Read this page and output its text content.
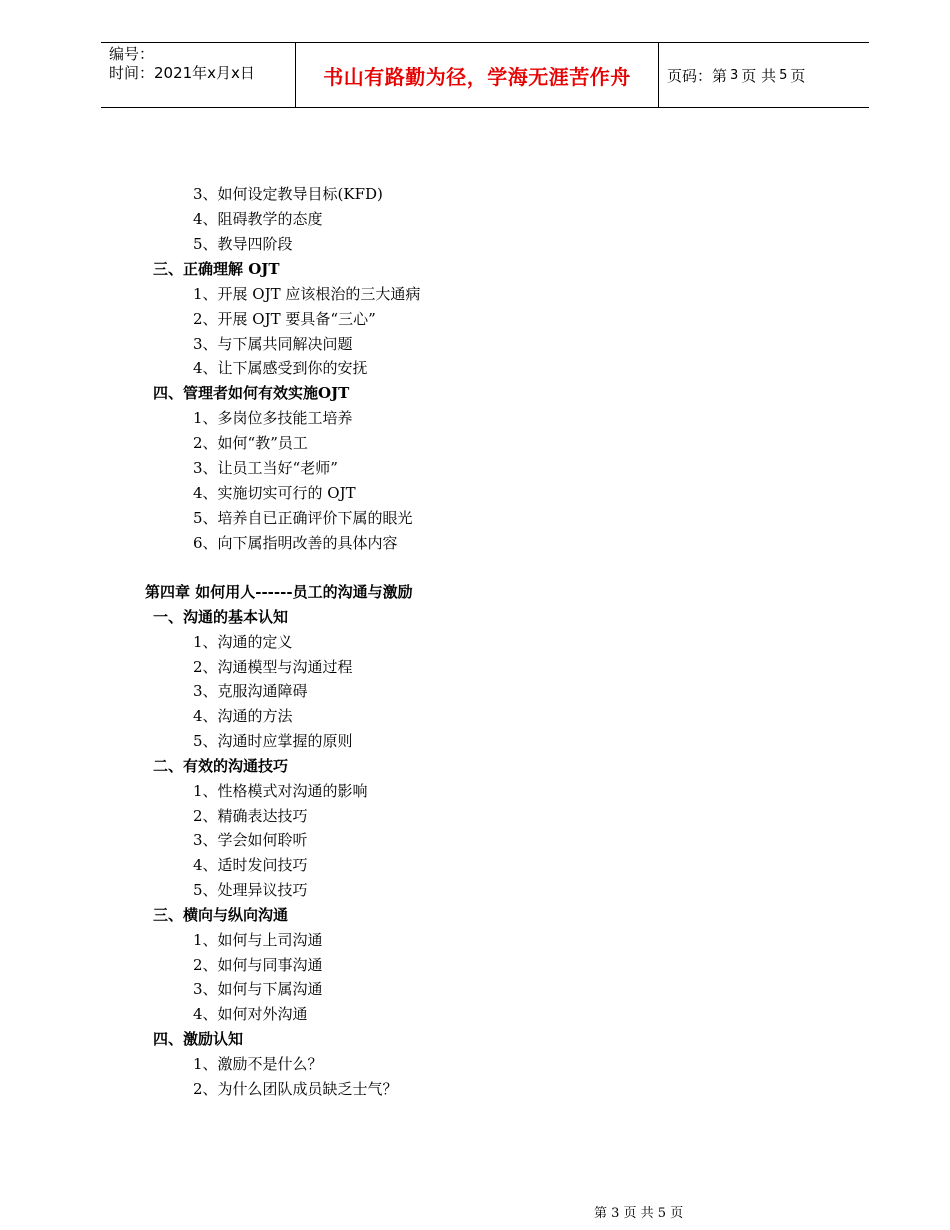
编号：
时间：2021年x月x日	书山有路勤为径，学海无涯苦作舟	页码：第 3 页 共 5 页
3、如何设定教导目标(KFD)
4、阻碍教学的态度
5、教导四阶段
三、正确理解 OJT
1、开展 OJT 应该根治的三大通病
2、开展 OJT 要具备“三心”
3、与下属共同解决问题
4、让下属感受到你的安抚
四、管理者如何有效实施OJT
1、多岗位多技能工培养
2、如何“教”员工
3、让员工当好“老师”
4、实施切实可行的 OJT
5、培养自已正确评价下属的眼光
6、向下属指明改善的具体内容
第四章 如何用人------员工的沟通与激励
一、沟通的基本认知
1、沟通的定义
2、沟通模型与沟通过程
3、克服沟通障碍
4、沟通的方法
5、沟通时应掌握的原则
二、有效的沟通技巧
1、性格模式对沟通的影响
2、精确表达技巧
3、学会如何聆听
4、适时发问技巧
5、处理异议技巧
三、横向与纵向沟通
1、如何与上司沟通
2、如何与同事沟通
3、如何与下属沟通
4、如何对外沟通
四、激励认知
1、激励不是什么？
2、为什么团队成员缺乏士气？
第 3 页 共 5 页
